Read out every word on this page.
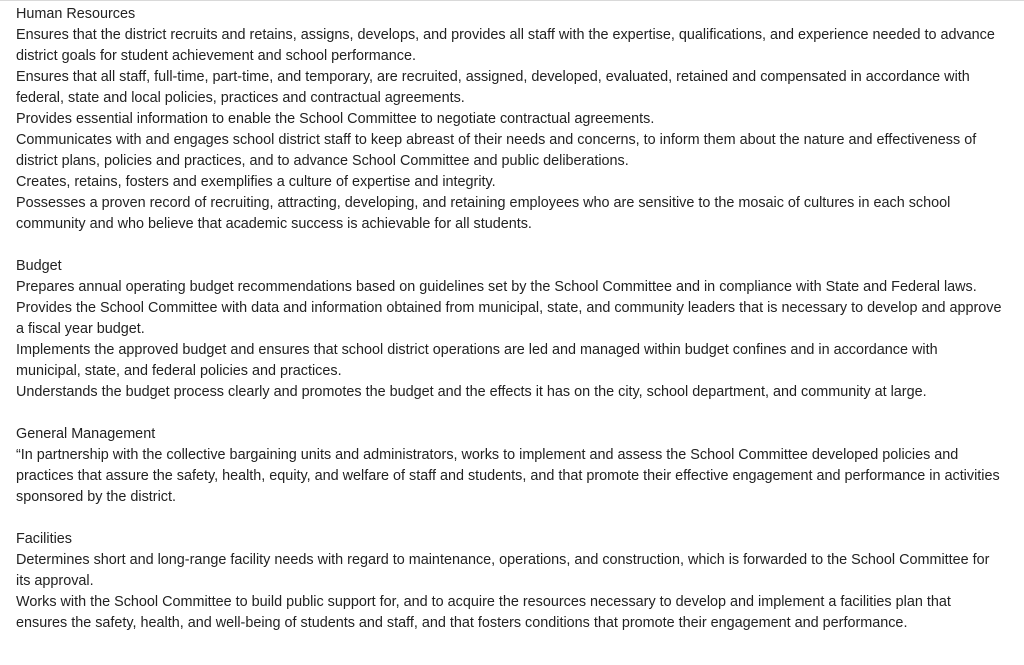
Human Resources
Ensures that the district recruits and retains, assigns, develops, and provides all staff with the expertise, qualifications, and experience needed to advance district goals for student achievement and school performance.
Ensures that all staff, full-time, part-time, and temporary, are recruited, assigned, developed, evaluated, retained and compensated in accordance with federal, state and local policies, practices and contractual agreements.
Provides essential information to enable the School Committee to negotiate contractual agreements.
Communicates with and engages school district staff to keep abreast of their needs and concerns, to inform them about the nature and effectiveness of district plans, policies and practices, and to advance School Committee and public deliberations.
Creates, retains, fosters and exemplifies a culture of expertise and integrity.
Possesses a proven record of recruiting, attracting, developing, and retaining employees who are sensitive to the mosaic of cultures in each school community and who believe that academic success is achievable for all students.
Budget
Prepares annual operating budget recommendations based on guidelines set by the School Committee and in compliance with State and Federal laws.
Provides the School Committee with data and information obtained from municipal, state, and community leaders that is necessary to develop and approve a fiscal year budget.
Implements the approved budget and ensures that school district operations are led and managed within budget confines and in accordance with municipal, state, and federal policies and practices.
Understands the budget process clearly and promotes the budget and the effects it has on the city, school department, and community at large.
General Management
“In partnership with the collective bargaining units and administrators, works to implement and assess the School Committee developed policies and practices that assure the safety, health, equity, and welfare of staff and students, and that promote their effective engagement and performance in activities sponsored by the district.
Facilities
Determines short and long-range facility needs with regard to maintenance, operations, and construction, which is forwarded to the School Committee for its approval.
Works with the School Committee to build public support for, and to acquire the resources necessary to develop and implement a facilities plan that ensures the safety, health, and well-being of students and staff, and that fosters conditions that promote their engagement and performance.
